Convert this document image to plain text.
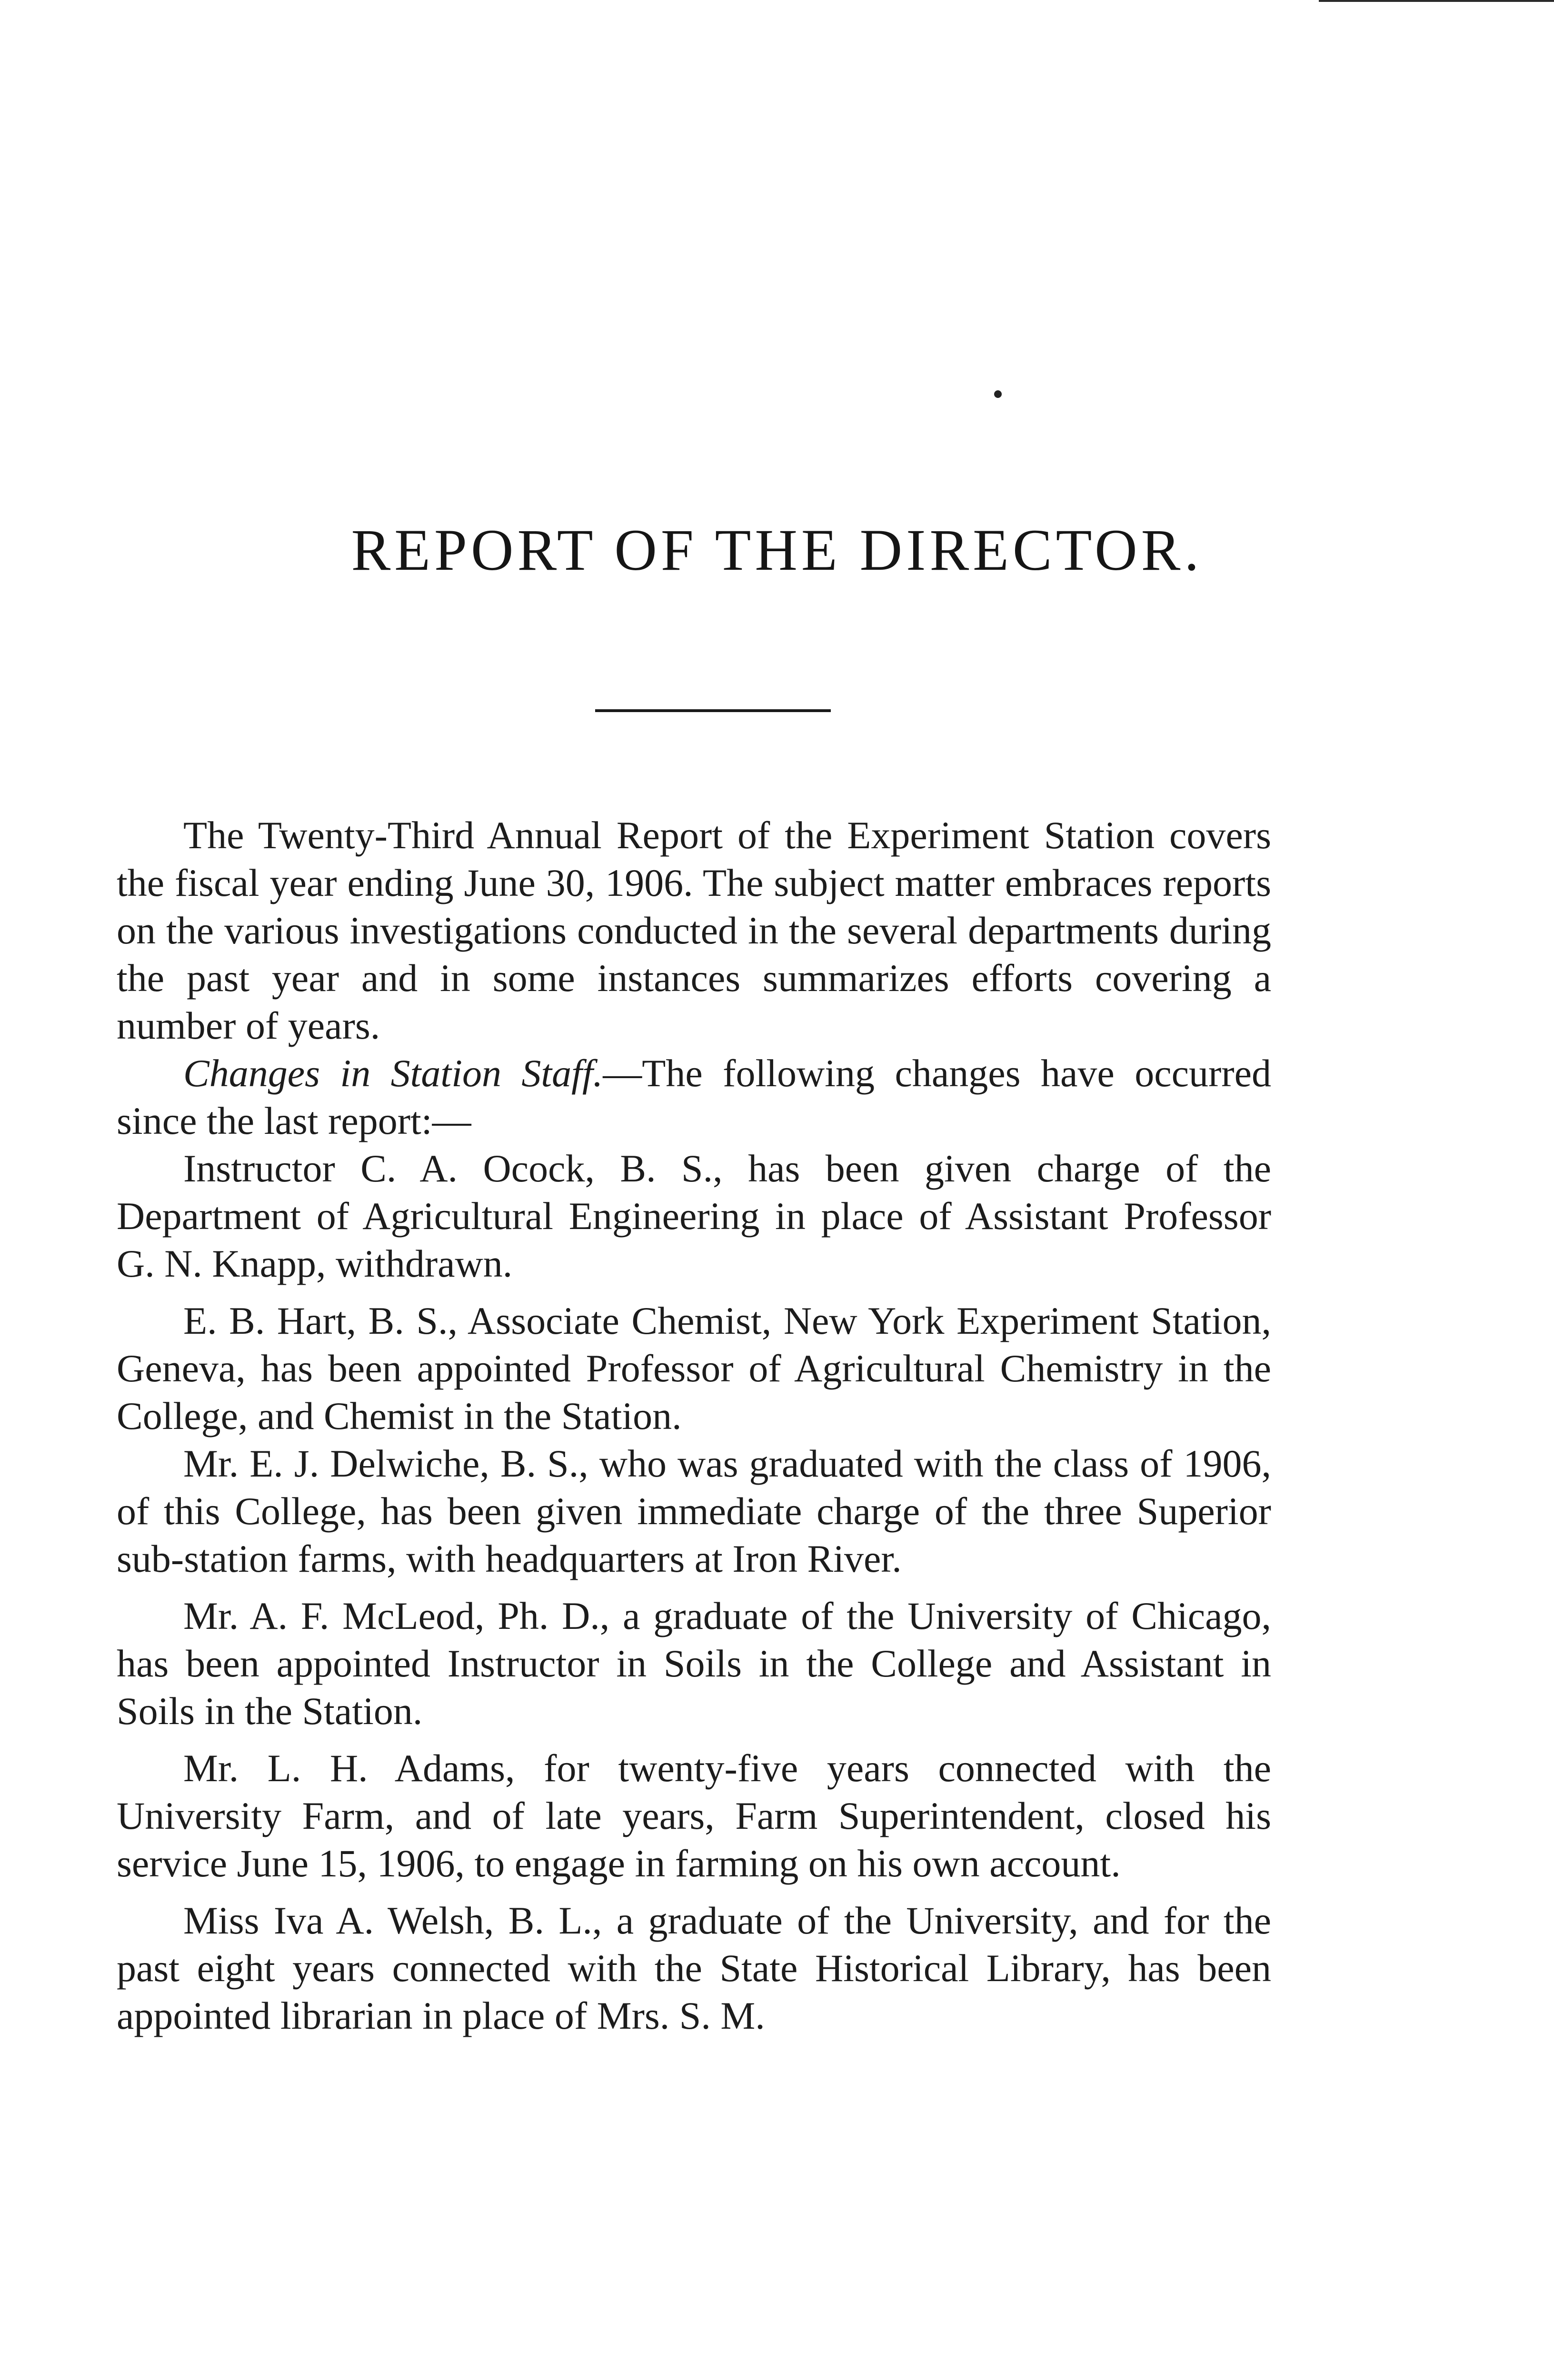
REPORT OF THE DIRECTOR.

The Twenty-Third Annual Report of the Experiment Station covers the fiscal year ending June 30, 1906. The subject matter embraces reports on the various investigations conducted in the several departments during the past year and in some instances summarizes efforts covering a number of years.

Changes in Station Staff.—The following changes have occurred since the last report:—

Instructor C. A. Ocock, B. S., has been given charge of the Department of Agricultural Engineering in place of Assistant Professor G. N. Knapp, withdrawn.

E. B. Hart, B. S., Associate Chemist, New York Experiment Station, Geneva, has been appointed Professor of Agricultural Chemistry in the College, and Chemist in the Station.

Mr. E. J. Delwiche, B. S., who was graduated with the class of 1906, of this College, has been given immediate charge of the three Superior sub-station farms, with headquarters at Iron River.

Mr. A. F. McLeod, Ph. D., a graduate of the University of Chicago, has been appointed Instructor in Soils in the College and Assistant in Soils in the Station.

Mr. L. H. Adams, for twenty-five years connected with the University Farm, and of late years, Farm Superintendent, closed his service June 15, 1906, to engage in farming on his own account.

Miss Iva A. Welsh, B. L., a graduate of the University, and for the past eight years connected with the State Historical Library, has been appointed librarian in place of Mrs. S. M.
